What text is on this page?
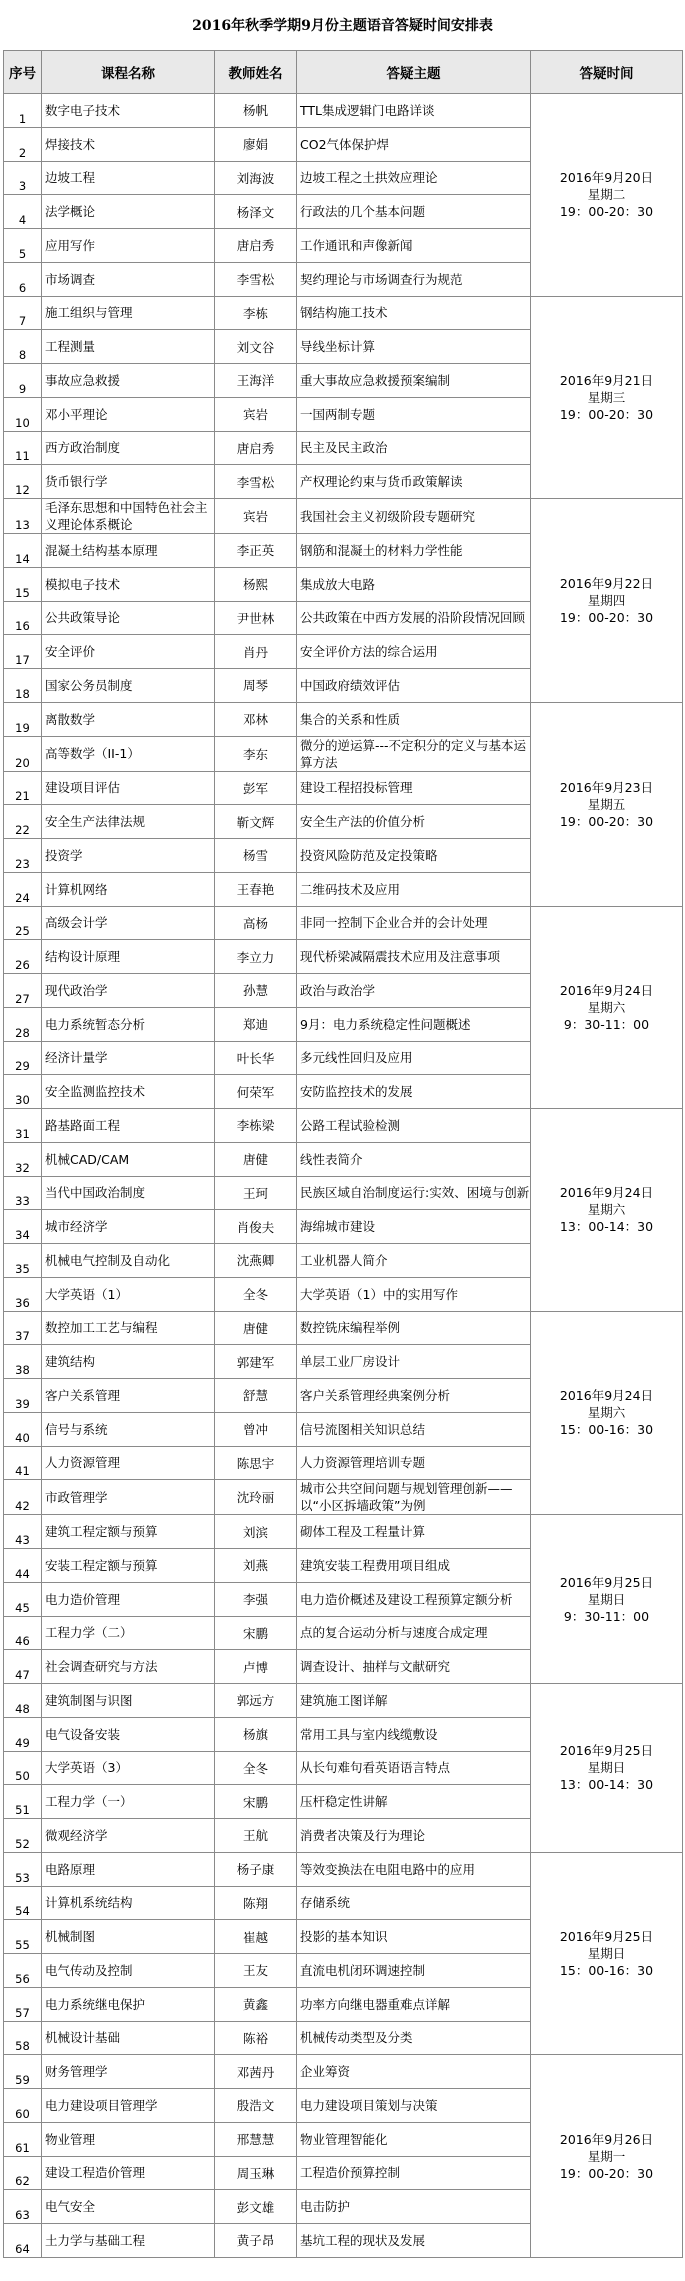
2016年秋季学期9月份主题语音答疑时间安排表
序号	课程名称	教师姓名	答疑主题	答疑时间
1	数字电子技术	杨帆	TTL集成逻辑门电路详谈	2016年9月20日
星期二
19：00-20：30

2	焊接技术	廖娟	CO2气体保护焊	
3	边坡工程	刘海波	边坡工程之土拱效应理论	
4	法学概论	杨泽文	行政法的几个基本问题	
5	应用写作	唐启秀	工作通讯和声像新闻	
6	市场调查	李雪松	契约理论与市场调查行为规范	
7	施工组织与管理	李栋	钢结构施工技术	2016年9月21日
星期三
19：00-20：30

8	工程测量	刘文谷	导线坐标计算	
9	事故应急救援	王海洋	重大事故应急救援预案编制	
10	邓小平理论	宾岩	一国两制专题	
11	西方政治制度	唐启秀	民主及民主政治	
12	货币银行学	李雪松	产权理论约束与货币政策解读	
13	毛泽东思想和中国特色社会主义理论体系概论	宾岩	我国社会主义初级阶段专题研究	2016年9月22日
星期四
19：00-20：30

14	混凝土结构基本原理	李正英	钢筋和混凝土的材料力学性能	
15	模拟电子技术	杨熙	集成放大电路	
16	公共政策导论	尹世林	公共政策在中西方发展的沿阶段情况回顾	
17	安全评价	肖丹	安全评价方法的综合运用	
18	国家公务员制度	周琴	中国政府绩效评估	
19	离散数学	邓林	集合的关系和性质	2016年9月23日
星期五
19：00-20：30

20	高等数学（II-1）	李东	微分的逆运算---不定积分的定义与基本运算方法	
21	建设项目评估	彭军	建设工程招投标管理	
22	安全生产法律法规	靳文辉	安全生产法的价值分析	
23	投资学	杨雪	投资风险防范及定投策略	
24	计算机网络	王春艳	二维码技术及应用	
25	高级会计学	高杨	非同一控制下企业合并的会计处理	2016年9月24日
星期六
9：30-11：00

26	结构设计原理	李立力	现代桥梁减隔震技术应用及注意事项	
27	现代政治学	孙慧	政治与政治学	
28	电力系统暂态分析	郑迪	9月：电力系统稳定性问题概述	
29	经济计量学	叶长华	多元线性回归及应用	
30	安全监测监控技术	何荣军	安防监控技术的发展	
31	路基路面工程	李栋梁	公路工程试验检测	2016年9月24日
星期六
13：00-14：30

32	机械CAD/CAM	唐健	线性表简介	
33	当代中国政治制度	王珂	民族区域自治制度运行:实效、困境与创新	
34	城市经济学	肖俊夫	海绵城市建设	
35	机械电气控制及自动化	沈燕卿	工业机器人简介	
36	大学英语（1）	全冬	大学英语（1）中的实用写作	
37	数控加工工艺与编程	唐健	数控铣床编程举例	2016年9月24日
星期六
15：00-16：30

38	建筑结构	郭建军	单层工业厂房设计	
39	客户关系管理	舒慧	客户关系管理经典案例分析	
40	信号与系统	曾冲	信号流图相关知识总结	
41	人力资源管理	陈思宇	人力资源管理培训专题	
42	市政管理学	沈玲丽	城市公共空间问题与规划管理创新——以“小区拆墙政策”为例	
43	建筑工程定额与预算	刘滨	砌体工程及工程量计算	2016年9月25日
星期日
9：30-11：00

44	安装工程定额与预算	刘燕	建筑安装工程费用项目组成	
45	电力造价管理	李强	电力造价概述及建设工程预算定额分析	
46	工程力学（二）	宋鹏	点的复合运动分析与速度合成定理	
47	社会调查研究与方法	卢博	调查设计、抽样与文献研究	
48	建筑制图与识图	郭远方	建筑施工图详解	2016年9月25日
星期日
13：00-14：30

49	电气设备安装	杨旗	常用工具与室内线缆敷设	
50	大学英语（3）	全冬	从长句难句看英语语言特点	
51	工程力学（一）	宋鹏	压杆稳定性讲解	
52	微观经济学	王航	消费者决策及行为理论	
53	电路原理	杨子康	等效变换法在电阻电路中的应用	2016年9月25日
星期日
15：00-16：30

54	计算机系统结构	陈翔	存储系统	
55	机械制图	崔越	投影的基本知识	
56	电气传动及控制	王友	直流电机闭环调速控制	
57	电力系统继电保护	黄鑫	功率方向继电器重难点详解	
58	机械设计基础	陈裕	机械传动类型及分类	
59	财务管理学	邓茜丹	企业筹资	2016年9月26日
星期一
19：00-20：30

60	电力建设项目管理学	殷浩文	电力建设项目策划与决策	
61	物业管理	邢慧慧	物业管理智能化	
62	建设工程造价管理	周玉琳	工程造价预算控制	
63	电气安全	彭文雄	电击防护	
64	土力学与基础工程	黄子昂	基坑工程的现状及发展	
